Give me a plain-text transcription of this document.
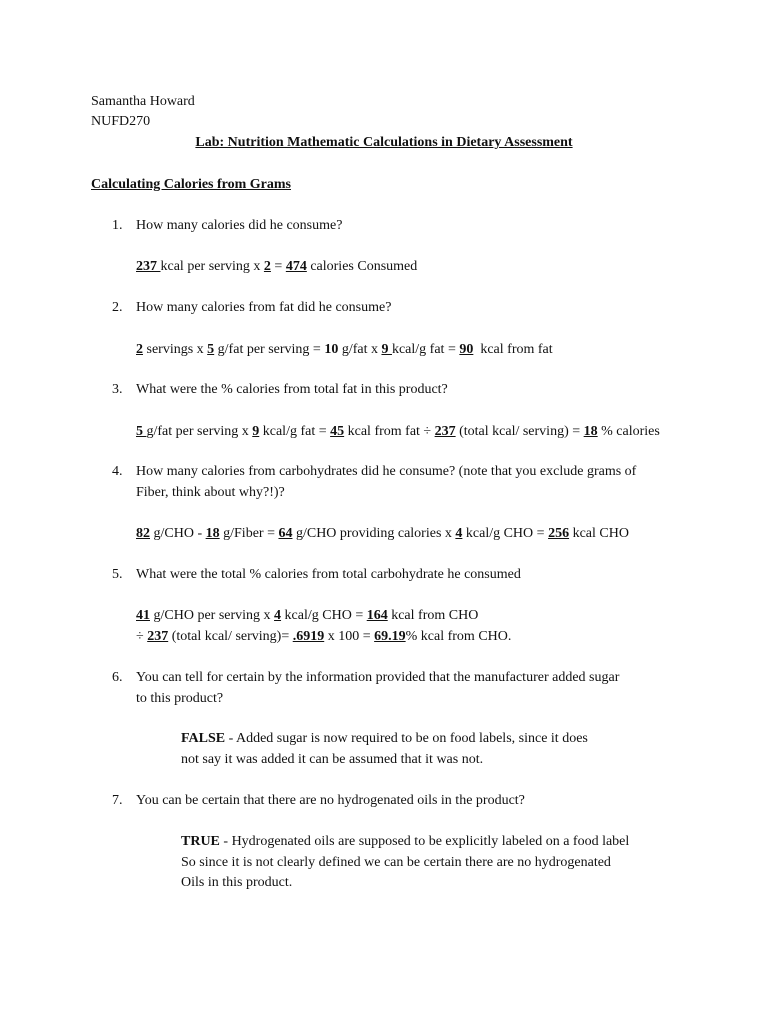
Samantha Howard
NUFD270
Lab: Nutrition Mathematic Calculations in Dietary Assessment
Calculating Calories from Grams
1. How many calories did he consume?
237 kcal per serving x 2 = 474 calories Consumed
2. How many calories from fat did he consume?
2 servings x 5 g/fat per serving = 10 g/fat x 9 kcal/g fat = 90  kcal from fat
3. What were the % calories from total fat in this product?
5 g/fat per serving x 9 kcal/g fat = 45 kcal from fat ÷ 237 (total kcal/ serving) = 18 % calories
4. How many calories from carbohydrates did he consume? (note that you exclude grams of
Fiber, think about why?!)?
82 g/CHO - 18 g/Fiber = 64 g/CHO providing calories x 4 kcal/g CHO = 256 kcal CHO
5. What were the total % calories from total carbohydrate he consumed
41 g/CHO per serving x 4 kcal/g CHO = 164 kcal from CHO
÷ 237 (total kcal/ serving)= .6919 x 100 = 69.19% kcal from CHO.
6. You can tell for certain by the information provided that the manufacturer added sugar
to this product?
FALSE - Added sugar is now required to be on food labels, since it does
not say it was added it can be assumed that it was not.
7. You can be certain that there are no hydrogenated oils in the product?
TRUE - Hydrogenated oils are supposed to be explicitly labeled on a food label
So since it is not clearly defined we can be certain there are no hydrogenated
Oils in this product.
